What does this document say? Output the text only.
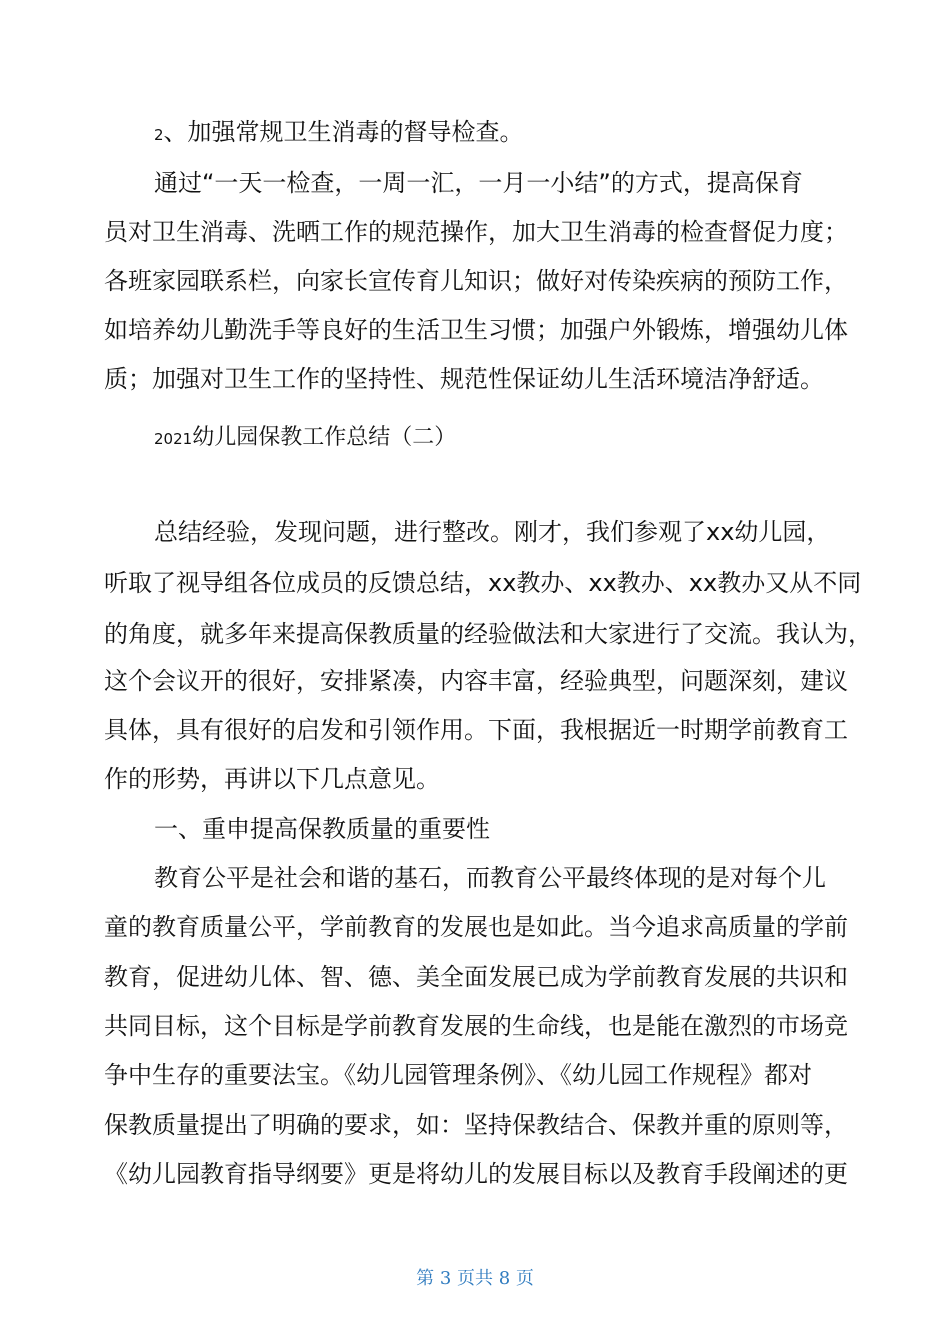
2、加强常规卫生消毒的督导检查。
通过“一天一检查，一周一汇，一月一小结”的方式，提高保育
员对卫生消毒、洗晒工作的规范操作，加大卫生消毒的检查督促力度；
各班家园联系栏，向家长宣传育儿知识；做好对传染疾病的预防工作，
如培养幼儿勤洗手等良好的生活卫生习惯；加强户外锻炼，增强幼儿体
质；加强对卫生工作的坚持性、规范性保证幼儿生活环境洁净舒适。
2021幼儿园保教工作总结（二）
总结经验，发现问题，进行整改。刚才，我们参观了xx幼儿园，
听取了视导组各位成员的反馈总结，xx教办、xx教办、xx教办又从不同
的角度，就多年来提高保教质量的经验做法和大家进行了交流。我认为，
这个会议开的很好，安排紧凑，内容丰富，经验典型，问题深刻，建议
具体，具有很好的启发和引领作用。下面，我根据近一时期学前教育工
作的形势，再讲以下几点意见。
一、重申提高保教质量的重要性
教育公平是社会和谐的基石，而教育公平最终体现的是对每个儿
童的教育质量公平，学前教育的发展也是如此。当今追求高质量的学前
教育，促进幼儿体、智、德、美全面发展已成为学前教育发展的共识和
共同目标，这个目标是学前教育发展的生命线，也是能在激烈的市场竞
争中生存的重要法宝。《幼儿园管理条例》、《幼儿园工作规程》都对
保教质量提出了明确的要求，如：坚持保教结合、保教并重的原则等，
《幼儿园教育指导纲要》更是将幼儿的发展目标以及教育手段阐述的更
第 3 页共 8 页
